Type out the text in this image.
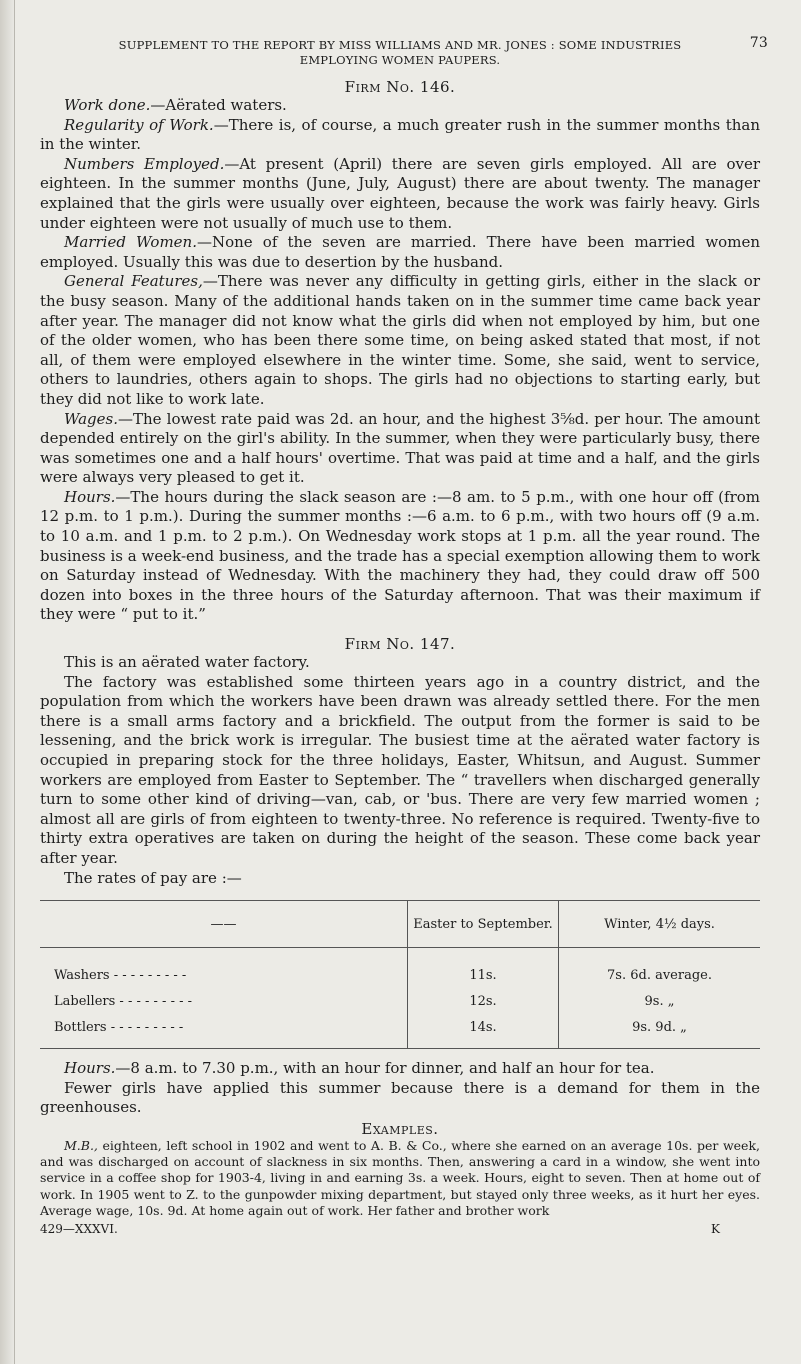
SUPPLEMENT TO THE REPORT BY MISS WILLIAMS AND MR. JONES : SOME INDUSTRIES	73
EMPLOYING WOMEN PAUPERS.
Firm No. 146.

Work done.—Aërated waters.

Regularity of Work.—There is, of course, a much greater rush in the summer months than in the winter.

Numbers Employed.—At present (April) there are seven girls employed. All are over eighteen. In the summer months (June, July, August) there are about twenty. The manager explained that the girls were usually over eighteen, because the work was fairly heavy. Girls under eighteen were not usually of much use to them.

Married Women.—None of the seven are married. There have been married women employed. Usually this was due to desertion by the husband.

General Features,—There was never any difficulty in getting girls, either in the slack or the busy season. Many of the additional hands taken on in the summer time came back year after year. The manager did not know what the girls did when not employed by him, but one of the older women, who has been there some time, on being asked stated that most, if not all, of them were employed elsewhere in the winter time. Some, she said, went to service, others to laundries, others again to shops. The girls had no objections to starting early, but they did not like to work late.

Wages.—The lowest rate paid was 2d. an hour, and the highest 3⅝d. per hour. The amount depended entirely on the girl's ability. In the summer, when they were particularly busy, there was sometimes one and a half hours' overtime. That was paid at time and a half, and the girls were always very pleased to get it.

Hours.—The hours during the slack season are :—8 am. to 5 p.m., with one hour off (from 12 p.m. to 1 p.m.). During the summer months :—6 a.m. to 6 p.m., with two hours off (9 a.m. to 10 a.m. and 1 p.m. to 2 p.m.). On Wednesday work stops at 1 p.m. all the year round. The business is a week-end business, and the trade has a special exemption allowing them to work on Saturday instead of Wednesday. With the machinery they had, they could draw off 500 dozen into boxes in the three hours of the Saturday afternoon. That was their maximum if they were “ put to it.”

Firm No. 147.

This is an aërated water factory.

The factory was established some thirteen years ago in a country district, and the population from which the workers have been drawn was already settled there. For the men there is a small arms factory and a brickfield. The output from the former is said to be lessening, and the brick work is irregular. The busiest time at the aërated water factory is occupied in preparing stock for the three holidays, Easter, Whitsun, and August. Summer workers are employed from Easter to September. The “ travellers when discharged generally turn to some other kind of driving—van, cab, or 'bus. There are very few married women ; almost all are girls of from eighteen to twenty-three. No reference is required. Twenty-five to thirty extra operatives are taken on during the height of the season. These come back year after year.

The rates of pay are :—

——	Easter to September.	Winter, 4½ days.
Washers - - - - - - - - -	11s.	7s. 6d. average.
Labellers - - - - - - - - -	12s.	9s. „
Bottlers - - - - - - - - -	14s.	9s. 9d. „

Hours.—8 a.m. to 7.30 p.m., with an hour for dinner, and half an hour for tea.

Fewer girls have applied this summer because there is a demand for them in the greenhouses.

Examples.

M.B., eighteen, left school in 1902 and went to A. B. & Co., where she earned on an average 10s. per week, and was discharged on account of slackness in six months. Then, answering a card in a window, she went into service in a coffee shop for 1903-4, living in and earning 3s. a week. Hours, eight to seven. Then at home out of work. In 1905 went to Z. to the gunpowder mixing department, but stayed only three weeks, as it hurt her eyes. Average wage, 10s. 9d. At home again out of work. Her father and brother work

429—XXXVI.	K
